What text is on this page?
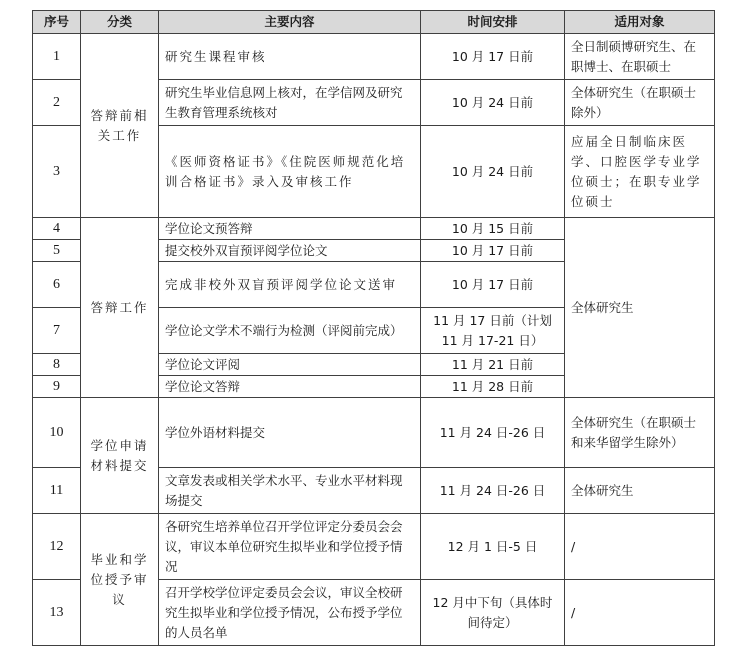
序号	分类	主要内容	时间安排	适用对象
1	答辩前相关工作	研究生课程审核	10 月 17 日前	全日制硕博研究生、在职博士、在职硕士
2		研究生毕业信息网上核对，在学信网及研究生教育管理系统核对	10 月 24 日前	全体研究生（在职硕士除外）
3		《医师资格证书》《住院医师规范化培训合格证书》录入及审核工作	10 月 24 日前	应届全日制临床医学、口腔医学专业学位硕士；在职专业学位硕士
4	答辩工作	学位论文预答辩	10 月 15 日前	全体研究生
5		提交校外双盲预评阅学位论文	10 月 17 日前	
6		完成非校外双盲预评阅学位论文送审	10 月 17 日前	
7		学位论文学术不端行为检测（评阅前完成）	11 月 17 日前（计划 11 月 17-21 日）	
8		学位论文评阅	11 月 21 日前	
9		学位论文答辩	11 月 28 日前	
10	学位申请材料提交	学位外语材料提交	11 月 24 日-26 日	全体研究生（在职硕士和来华留学生除外）
11		文章发表或相关学术水平、专业水平材料现场提交	11 月 24 日-26 日	全体研究生
12	毕业和学位授予审议	各研究生培养单位召开学位评定分委员会会议，审议本单位研究生拟毕业和学位授予情况	12 月 1 日-5 日	/
13		召开学校学位评定委员会会议，审议全校研究生拟毕业和学位授予情况，公布授予学位的人员名单	12 月中下旬（具体时间待定）	/
